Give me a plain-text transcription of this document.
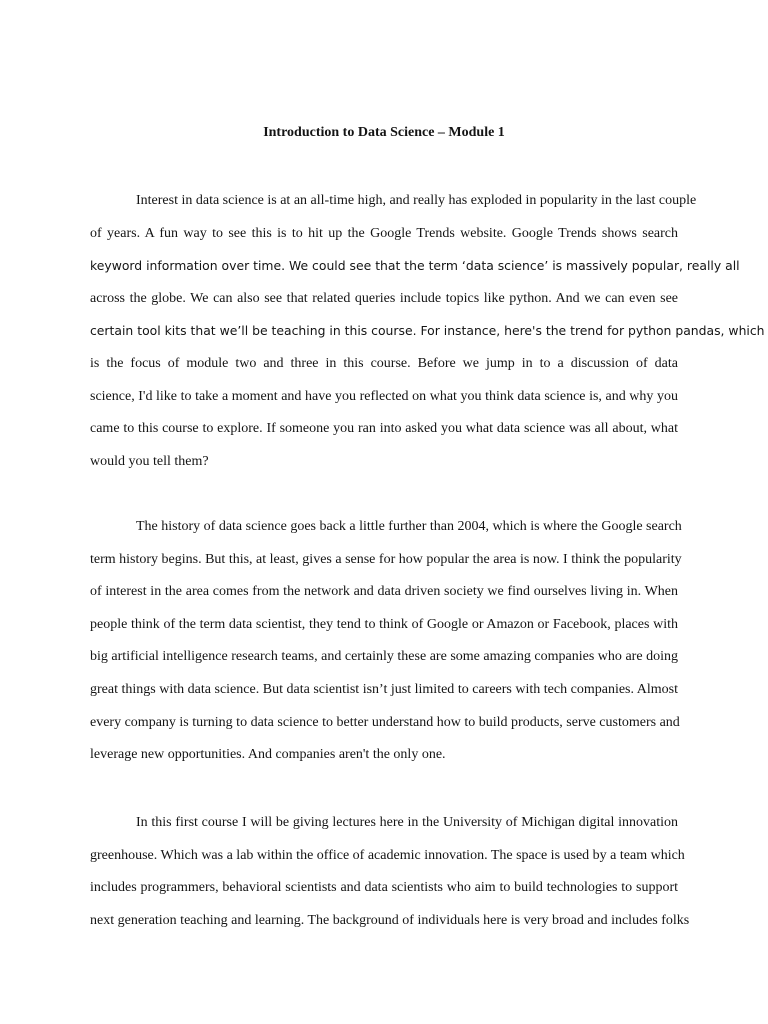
Introduction to Data Science – Module 1
Interest in data science is at an all-time high, and really has exploded in popularity in the last couple
of years. A fun way to see this is to hit up the Google Trends website. Google Trends shows search
keyword information over time. We could see that the term ‘data science’ is massively popular, really all
across the globe. We can also see that related queries include topics like python. And we can even see
certain tool kits that we’ll be teaching in this course. For instance, here's the trend for python pandas, which
is the focus of module two and three in this course. Before we jump in to a discussion of data
science, I'd like to take a moment and have you reflected on what you think data science is, and why you
came to this course to explore. If someone you ran into asked you what data science was all about, what
would you tell them?
The history of data science goes back a little further than 2004, which is where the Google search
term history begins. But this, at least, gives a sense for how popular the area is now. I think the popularity
of interest in the area comes from the network and data driven society we find ourselves living in. When
people think of the term data scientist, they tend to think of Google or Amazon or Facebook, places with
big artificial intelligence research teams, and certainly these are some amazing companies who are doing
great things with data science. But data scientist isn’t just limited to careers with tech companies. Almost
every company is turning to data science to better understand how to build products, serve customers and
leverage new opportunities. And companies aren't the only one.
In this first course I will be giving lectures here in the University of Michigan digital innovation
greenhouse. Which was a lab within the office of academic innovation. The space is used by a team which
includes programmers, behavioral scientists and data scientists who aim to build technologies to support
next generation teaching and learning. The background of individuals here is very broad and includes folks
